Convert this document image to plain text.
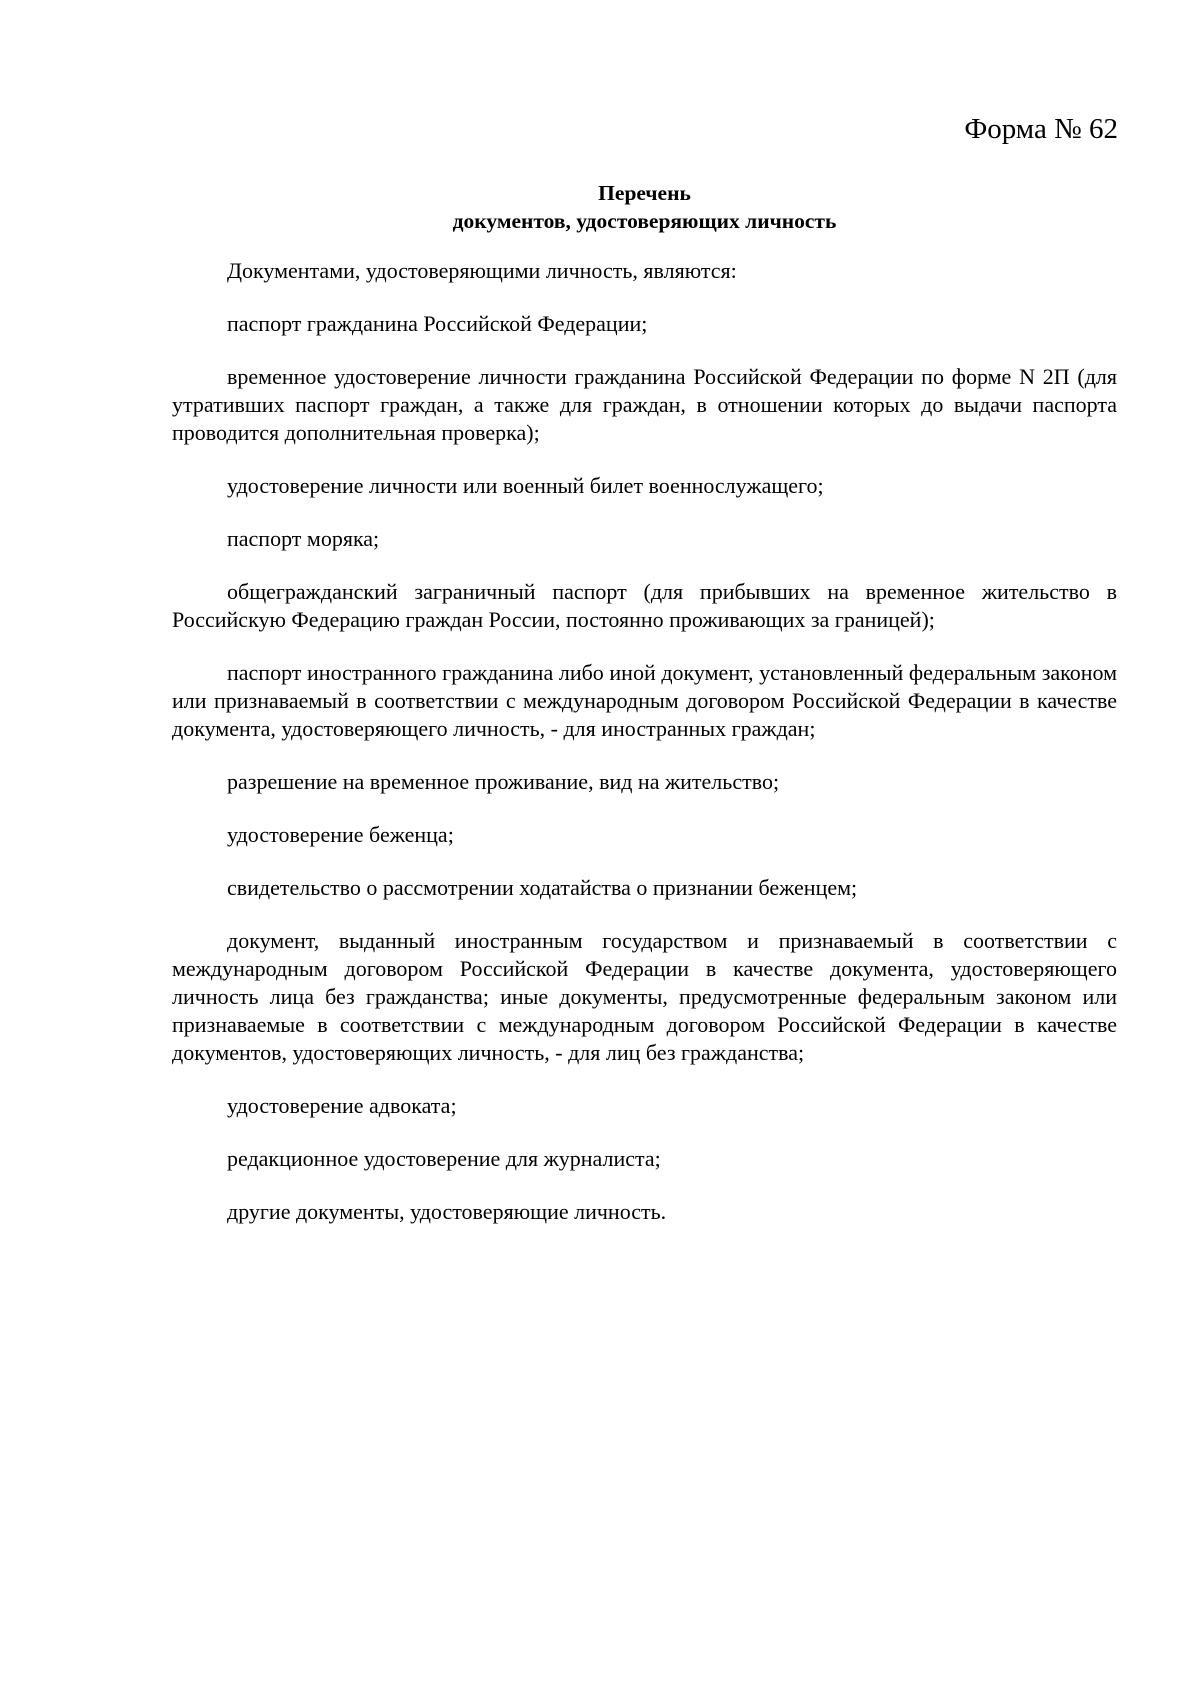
Форма № 62

Перечень
документов, удостоверяющих личность

Документами, удостоверяющими личность, являются:

паспорт гражданина Российской Федерации;

временное удостоверение личности гражданина Российской Федерации по форме N 2П (для утративших паспорт граждан, а также для граждан, в отношении которых до выдачи паспорта проводится дополнительная проверка);

удостоверение личности или военный билет военнослужащего;

паспорт моряка;

общегражданский заграничный паспорт (для прибывших на временное жительство в Российскую Федерацию граждан России, постоянно проживающих за границей);

паспорт иностранного гражданина либо иной документ, установленный федеральным законом или признаваемый в соответствии с международным договором Российской Федерации в качестве документа, удостоверяющего личность, - для иностранных граждан;

разрешение на временное проживание, вид на жительство;

удостоверение беженца;

свидетельство о рассмотрении ходатайства о признании беженцем;

документ, выданный иностранным государством и признаваемый в соответствии с международным договором Российской Федерации в качестве документа, удостоверяющего личность лица без гражданства; иные документы, предусмотренные федеральным законом или признаваемые в соответствии с международным договором Российской Федерации в качестве документов, удостоверяющих личность, - для лиц без гражданства;

удостоверение адвоката;

редакционное удостоверение для журналиста;

другие документы, удостоверяющие личность.
